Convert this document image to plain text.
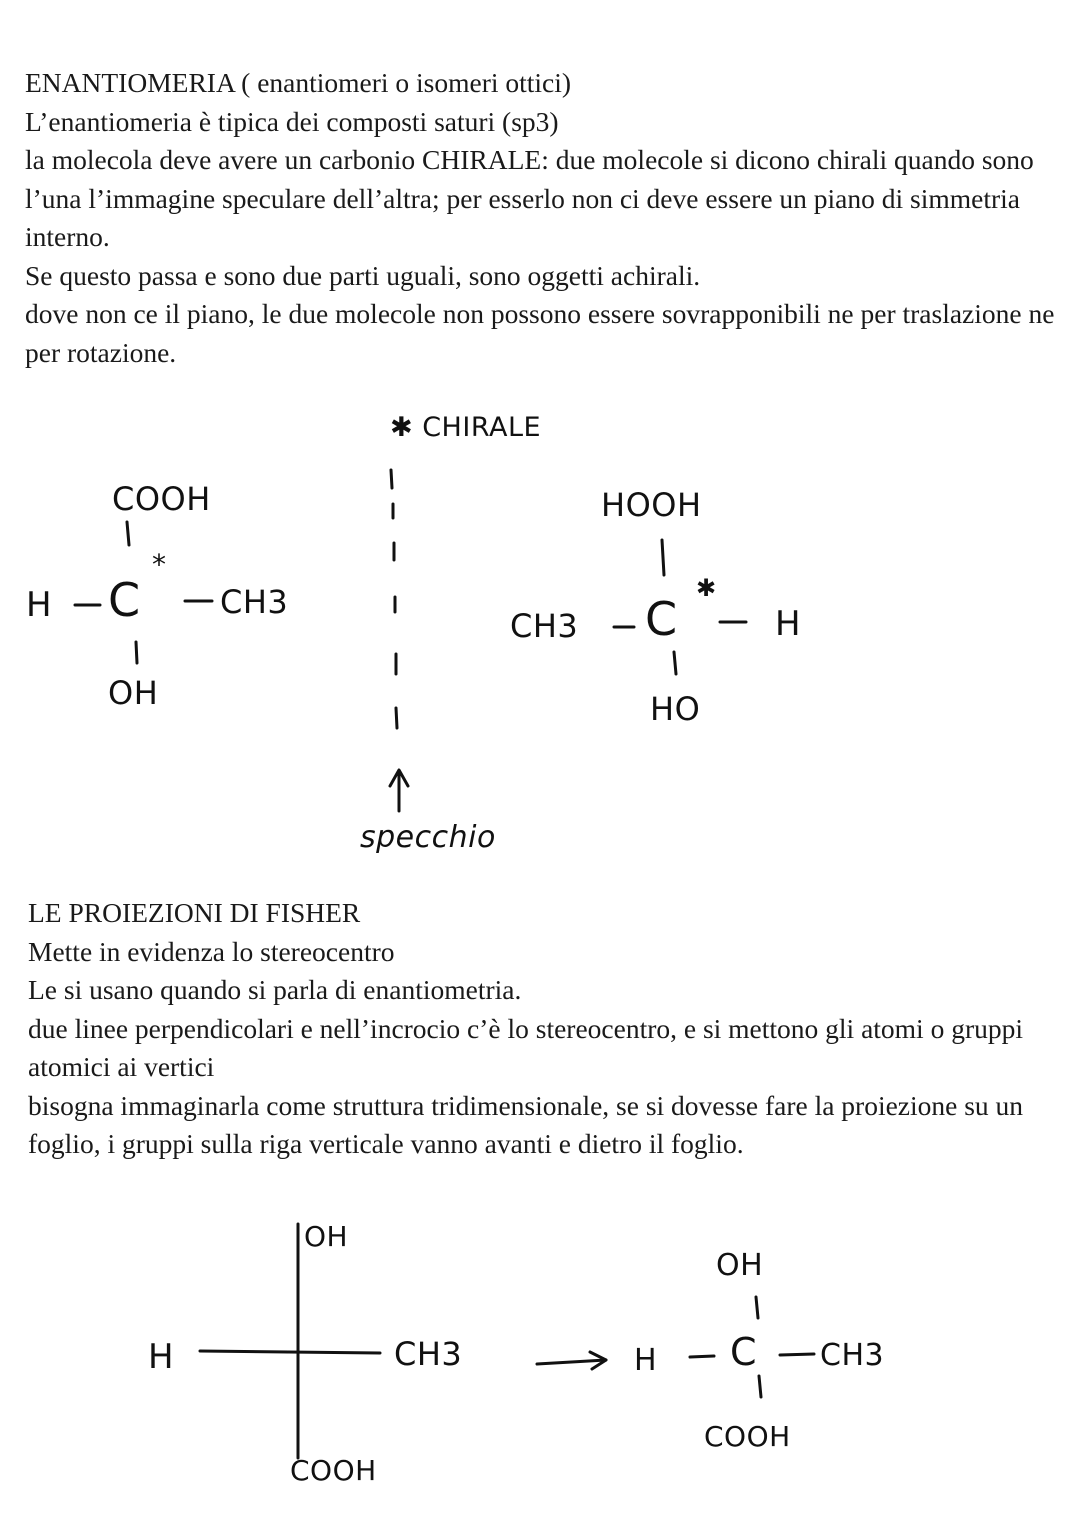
ENANTIOMERIA ( enantiomeri o isomeri ottici)

L’enantiomeria è tipica dei composti saturi (sp3)

la molecola deve avere un carbonio CHIRALE: due molecole si dicono chirali quando sono l’una l’immagine speculare dell’altra; per esserlo non ci deve essere un piano di simmetria interno.

Se questo passa e sono due parti uguali, sono oggetti achirali.

dove non ce il piano, le due molecole non possono essere sovrapponibili ne per traslazione ne per rotazione.

✱ CHIRALE
COOH
H C
*
CH3
OH
specchio
HOOH
CH3 C
✱
H
HO

LE PROIEZIONI DI FISHER

Mette in evidenza lo stereocentro

Le si usano quando si parla di enantiometria.

due linee perpendicolari e nell’incrocio c’è lo stereocentro, e si mettono gli atomi o gruppi atomici ai vertici

bisogna immaginarla come struttura tridimensionale, se si dovesse fare la proiezione su un foglio, i gruppi sulla riga verticale vanno avanti e dietro il foglio.

OH
H	CH3
COOH
OH
H C CH3
COOH
